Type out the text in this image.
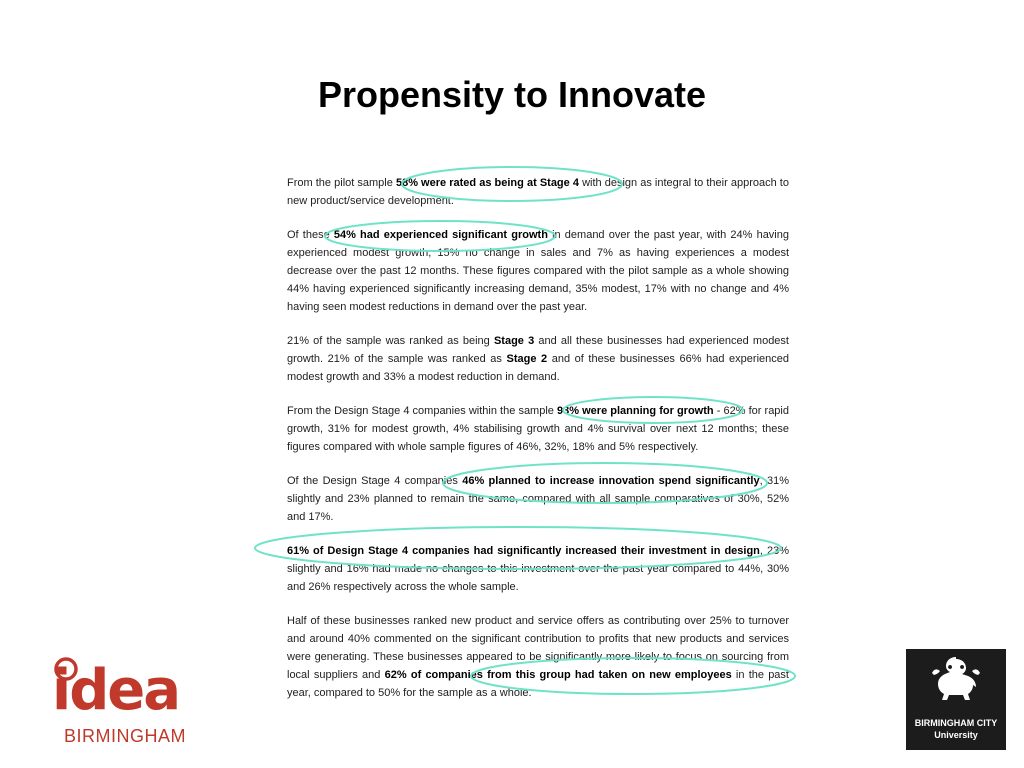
Propensity to Innovate

From the pilot sample 58% were rated as being at Stage 4 with design as integral to their approach to new product/service development.

Of these 54% had experienced significant growth in demand over the past year, with 24% having experienced modest growth, 15% no change in sales and 7% as having experiences a modest decrease over the past 12 months. These figures compared with the pilot sample as a whole showing 44% having experienced significantly increasing demand, 35% modest, 17% with no change and 4% having seen modest reductions in demand over the past year.

21% of the sample was ranked as being Stage 3 and all these businesses had experienced modest growth. 21% of the sample was ranked as Stage 2 and of these businesses 66% had experienced modest growth and 33% a modest reduction in demand.

From the Design Stage 4 companies within the sample 93% were planning for growth - 62% for rapid growth, 31% for modest growth, 4% stabilising growth and 4% survival over next 12 months; these figures compared with whole sample figures of 46%, 32%, 18% and 5% respectively.

Of the Design Stage 4 companies 46% planned to increase innovation spend significantly, 31% slightly and 23% planned to remain the same, compared with all sample comparatives of 30%, 52% and 17%.

61% of Design Stage 4 companies had significantly increased their investment in design, 23% slightly and 16% had made no changes to this investment over the past year compared to 44%, 30% and 26% respectively across the whole sample.

Half of these businesses ranked new product and service offers as contributing over 25% to turnover and around 40% commented on the significant contribution to profits that new products and services were generating. These businesses appeared to be significantly more likely to focus on sourcing from local suppliers and 62% of companies from this group had taken on new employees in the past year, compared to 50% for the sample as a whole.

idea
BIRMINGHAM
BIRMINGHAM CITY
University
